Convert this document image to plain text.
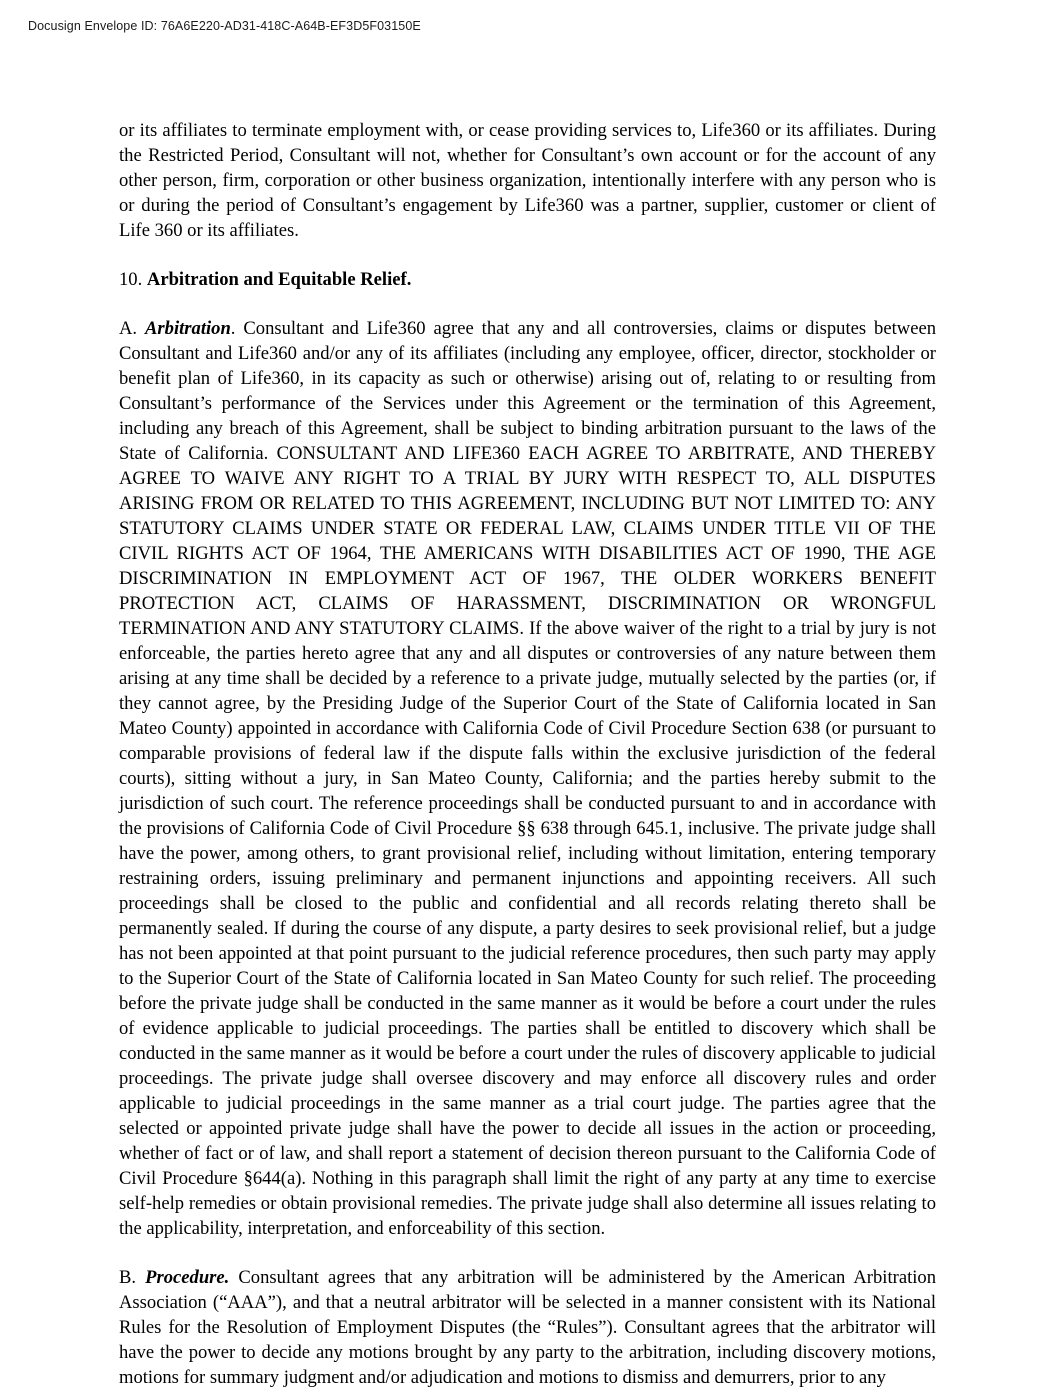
Docusign Envelope ID: 76A6E220-AD31-418C-A64B-EF3D5F03150E

or its affiliates to terminate employment with, or cease providing services to, Life360 or its affiliates. During the Restricted Period, Consultant will not, whether for Consultant’s own account or for the account of any other person, firm, corporation or other business organization, intentionally interfere with any person who is or during the period of Consultant’s engagement by Life360 was a partner, supplier, customer or client of Life 360 or its affiliates.

10. Arbitration and Equitable Relief.

A. Arbitration. Consultant and Life360 agree that any and all controversies, claims or disputes between Consultant and Life360 and/or any of its affiliates (including any employee, officer, director, stockholder or benefit plan of Life360, in its capacity as such or otherwise) arising out of, relating to or resulting from Consultant’s performance of the Services under this Agreement or the termination of this Agreement, including any breach of this Agreement, shall be subject to binding arbitration pursuant to the laws of the State of California. CONSULTANT AND LIFE360 EACH AGREE TO ARBITRATE, AND THEREBY AGREE TO WAIVE ANY RIGHT TO A TRIAL BY JURY WITH RESPECT TO, ALL DISPUTES ARISING FROM OR RELATED TO THIS AGREEMENT, INCLUDING BUT NOT LIMITED TO: ANY STATUTORY CLAIMS UNDER STATE OR FEDERAL LAW, CLAIMS UNDER TITLE VII OF THE CIVIL RIGHTS ACT OF 1964, THE AMERICANS WITH DISABILITIES ACT OF 1990, THE AGE DISCRIMINATION IN EMPLOYMENT ACT OF 1967, THE OLDER WORKERS BENEFIT PROTECTION ACT, CLAIMS OF HARASSMENT, DISCRIMINATION OR WRONGFUL TERMINATION AND ANY STATUTORY CLAIMS. If the above waiver of the right to a trial by jury is not enforceable, the parties hereto agree that any and all disputes or controversies of any nature between them arising at any time shall be decided by a reference to a private judge, mutually selected by the parties (or, if they cannot agree, by the Presiding Judge of the Superior Court of the State of California located in San Mateo County) appointed in accordance with California Code of Civil Procedure Section 638 (or pursuant to comparable provisions of federal law if the dispute falls within the exclusive jurisdiction of the federal courts), sitting without a jury, in San Mateo County, California; and the parties hereby submit to the jurisdiction of such court. The reference proceedings shall be conducted pursuant to and in accordance with the provisions of California Code of Civil Procedure §§ 638 through 645.1, inclusive. The private judge shall have the power, among others, to grant provisional relief, including without limitation, entering temporary restraining orders, issuing preliminary and permanent injunctions and appointing receivers. All such proceedings shall be closed to the public and confidential and all records relating thereto shall be permanently sealed. If during the course of any dispute, a party desires to seek provisional relief, but a judge has not been appointed at that point pursuant to the judicial reference procedures, then such party may apply to the Superior Court of the State of California located in San Mateo County for such relief. The proceeding before the private judge shall be conducted in the same manner as it would be before a court under the rules of evidence applicable to judicial proceedings. The parties shall be entitled to discovery which shall be conducted in the same manner as it would be before a court under the rules of discovery applicable to judicial proceedings. The private judge shall oversee discovery and may enforce all discovery rules and order applicable to judicial proceedings in the same manner as a trial court judge. The parties agree that the selected or appointed private judge shall have the power to decide all issues in the action or proceeding, whether of fact or of law, and shall report a statement of decision thereon pursuant to the California Code of Civil Procedure §644(a). Nothing in this paragraph shall limit the right of any party at any time to exercise self-help remedies or obtain provisional remedies. The private judge shall also determine all issues relating to the applicability, interpretation, and enforceability of this section.

B. Procedure. Consultant agrees that any arbitration will be administered by the American Arbitration Association (“AAA”), and that a neutral arbitrator will be selected in a manner consistent with its National Rules for the Resolution of Employment Disputes (the “Rules”). Consultant agrees that the arbitrator will have the power to decide any motions brought by any party to the arbitration, including discovery motions, motions for summary judgment and/or adjudication and motions to dismiss and demurrers, prior to any
